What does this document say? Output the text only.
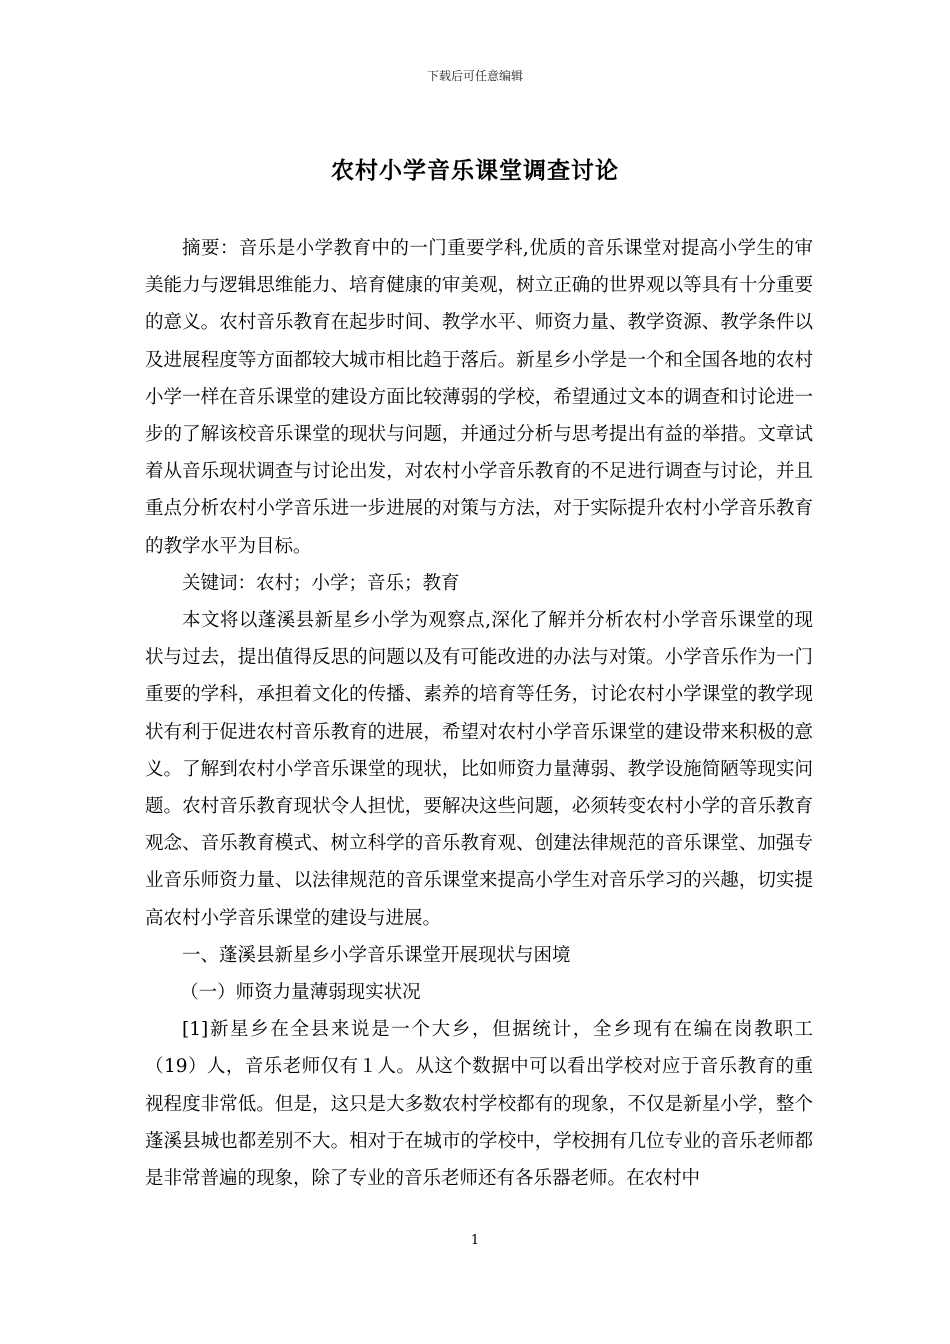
下载后可任意编辑
农村小学音乐课堂调查讨论

摘要：音乐是小学教育中的一门重要学科,优质的音乐课堂对提高小学生的审美能力与逻辑思维能力、培育健康的审美观，树立正确的世界观以等具有十分重要的意义。农村音乐教育在起步时间、教学水平、师资力量、教学资源、教学条件以及进展程度等方面都较大城市相比趋于落后。新星乡小学是一个和全国各地的农村小学一样在音乐课堂的建设方面比较薄弱的学校，希望通过文本的调查和讨论进一步的了解该校音乐课堂的现状与问题，并通过分析与思考提出有益的举措。文章试着从音乐现状调查与讨论出发，对农村小学音乐教育的不足进行调查与讨论，并且重点分析农村小学音乐进一步进展的对策与方法，对于实际提升农村小学音乐教育的教学水平为目标。

关键词：农村；小学；音乐；教育

本文将以蓬溪县新星乡小学为观察点,深化了解并分析农村小学音乐课堂的现状与过去，提出值得反思的问题以及有可能改进的办法与对策。小学音乐作为一门重要的学科，承担着文化的传播、素养的培育等任务，讨论农村小学课堂的教学现状有利于促进农村音乐教育的进展，希望对农村小学音乐课堂的建设带来积极的意义。了解到农村小学音乐课堂的现状，比如师资力量薄弱、教学设施简陋等现实问题。农村音乐教育现状令人担忧，要解决这些问题，必须转变农村小学的音乐教育观念、音乐教育模式、树立科学的音乐教育观、创建法律规范的音乐课堂、加强专业音乐师资力量、以法律规范的音乐课堂来提高小学生对音乐学习的兴趣，切实提高农村小学音乐课堂的建设与进展。

一、蓬溪县新星乡小学音乐课堂开展现状与困境

（一）师资力量薄弱现实状况

[1]新星乡在全县来说是一个大乡，但据统计，全乡现有在编在岗教职工（19）人，音乐老师仅有１人。从这个数据中可以看出学校对应于音乐教育的重视程度非常低。但是，这只是大多数农村学校都有的现象，不仅是新星小学，整个蓬溪县城也都差别不大。相对于在城市的学校中，学校拥有几位专业的音乐老师都是非常普遍的现象，除了专业的音乐老师还有各乐器老师。在农村中

1
